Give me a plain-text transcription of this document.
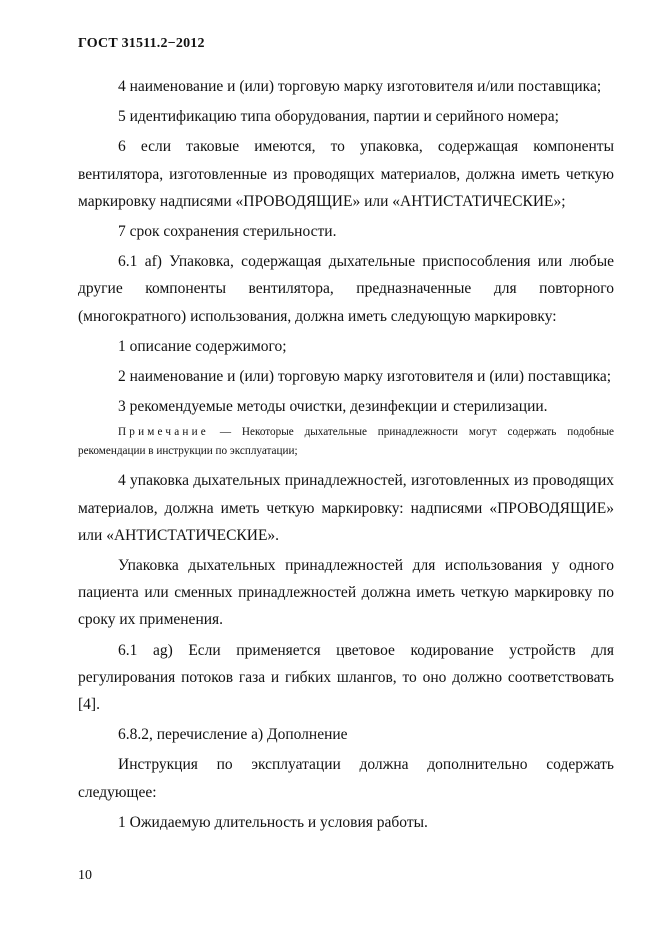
ГОСТ 31511.2−2012

4 наименование и (или) торговую марку изготовителя и/или поставщика;

5 идентификацию типа оборудования, партии и серийного номера;

6 если таковые имеются, то упаковка, содержащая компоненты вентилятора, изготовленные из проводящих материалов, должна иметь четкую маркировку надписями «ПРОВОДЯЩИЕ» или «АНТИСТАТИЧЕСКИЕ»;

7 срок сохранения стерильности.

6.1 af) Упаковка, содержащая дыхательные приспособления или любые другие компоненты вентилятора, предназначенные для повторного (многократного) использования, должна иметь следующую маркировку:

1 описание содержимого;

2 наименование и (или) торговую марку изготовителя и (или) поставщика;

3 рекомендуемые методы очистки, дезинфекции и стерилизации.

Примечание — Некоторые дыхательные принадлежности могут содержать подобные рекомендации в инструкции по эксплуатации;

4 упаковка дыхательных принадлежностей, изготовленных из проводящих материалов, должна иметь четкую маркировку: надписями «ПРОВОДЯЩИЕ» или «АНТИСТАТИЧЕСКИЕ».

Упаковка дыхательных принадлежностей для использования у одного пациента или сменных принадлежностей должна иметь четкую маркировку по сроку их применения.

6.1 ag) Если применяется цветовое кодирование устройств для регулирования потоков газа и гибких шлангов, то оно должно соответствовать [4].

6.8.2, перечисление а) Дополнение

Инструкция по эксплуатации должна дополнительно содержать следующее:

1 Ожидаемую длительность и условия работы.

10
